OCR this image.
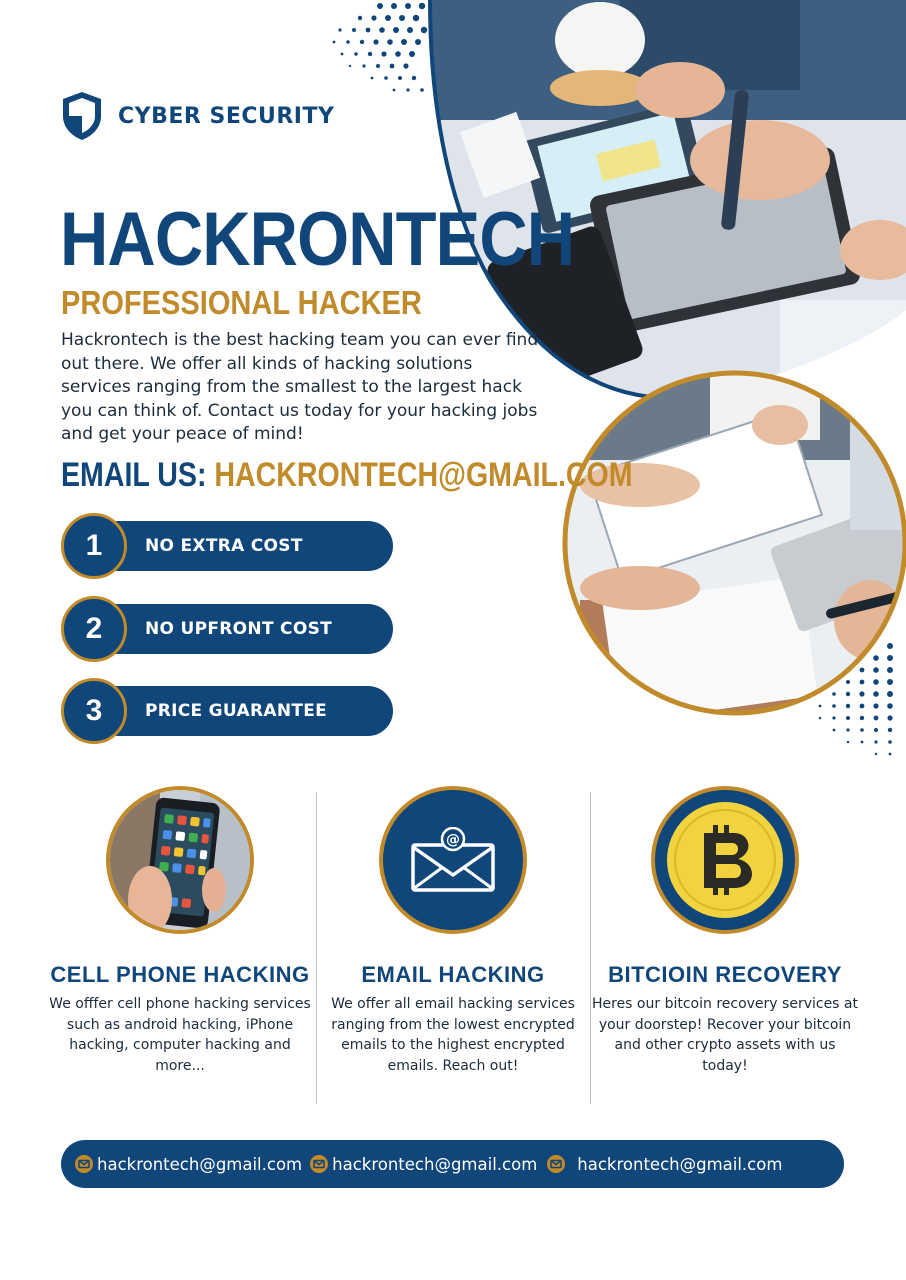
CYBER SECURITY
HACKRONTECH
PROFESSIONAL HACKER

Hackrontech is the best hacking team you can ever find out there. We offer all kinds of hacking solutions services ranging from the smallest to the largest hack you can think of. Contact us today for your hacking jobs and get your peace of mind!

EMAIL US: HACKRONTECH@GMAIL.COM
1	NO EXTRA COST
2	NO UPFRONT COST
3	PRICE GUARANTEE
CELL PHONE HACKING

We offfer cell phone hacking services such as android hacking, iPhone hacking, computer hacking and more...

@
EMAIL HACKING

We offer all email hacking services ranging from the lowest encrypted emails to the highest encrypted emails. Reach out!

BITCIOIN RECOVERY

Heres our bitcoin recovery services at your doorstep! Recover your bitcoin and other crypto assets with us today!

hackrontech@gmail.com hackrontech@gmail.com hackrontech@gmail.com
